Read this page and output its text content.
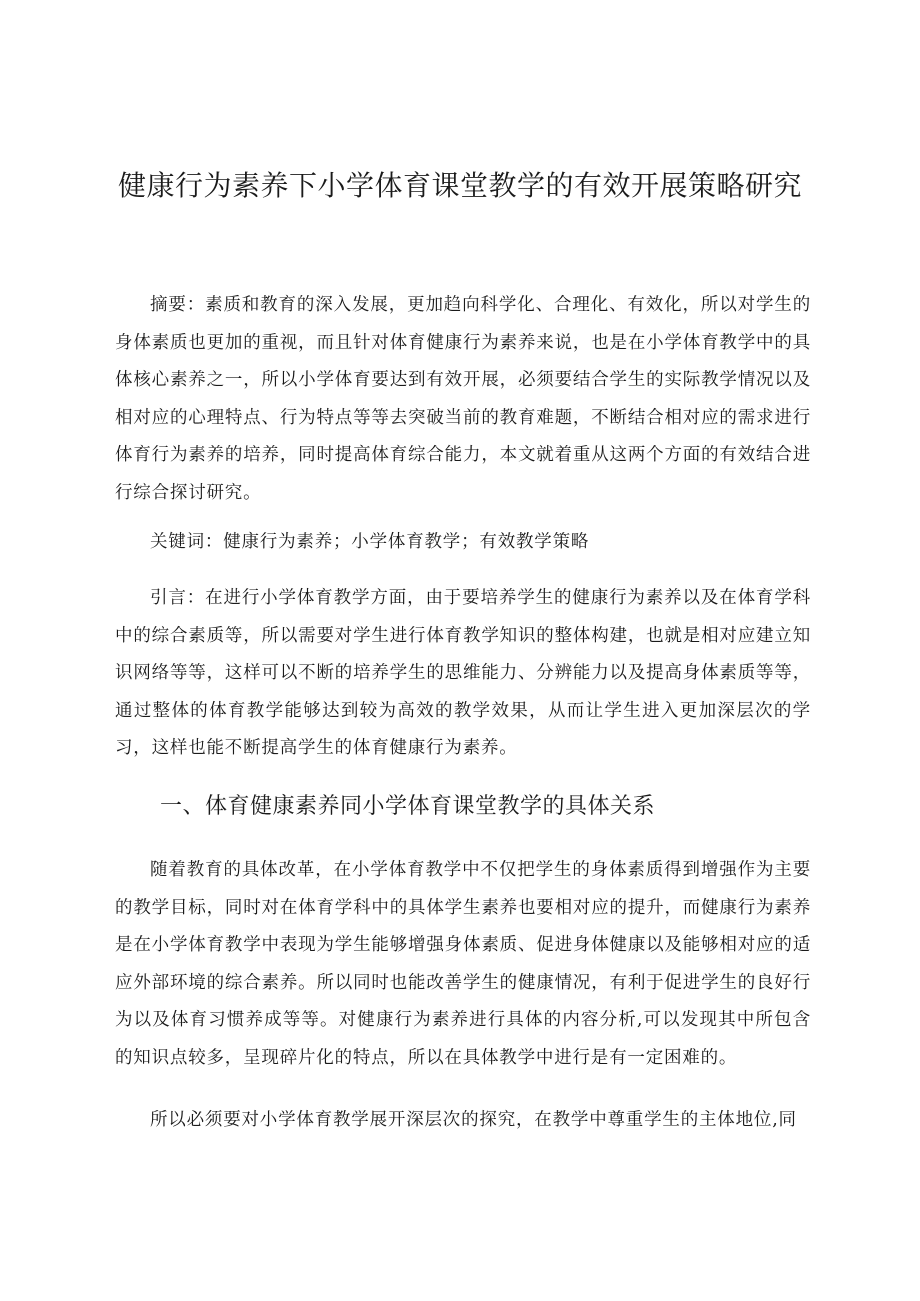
健康行为素养下小学体育课堂教学的有效开展策略研究

摘要：素质和教育的深入发展，更加趋向科学化、合理化、有效化，所以对学生的身体素质也更加的重视，而且针对体育健康行为素养来说，也是在小学体育教学中的具体核心素养之一，所以小学体育要达到有效开展，必须要结合学生的实际教学情况以及相对应的心理特点、行为特点等等去突破当前的教育难题，不断结合相对应的需求进行体育行为素养的培养，同时提高体育综合能力，本文就着重从这两个方面的有效结合进行综合探讨研究。

关键词：健康行为素养；小学体育教学；有效教学策略

引言：在进行小学体育教学方面，由于要培养学生的健康行为素养以及在体育学科中的综合素质等，所以需要对学生进行体育教学知识的整体构建，也就是相对应建立知识网络等等，这样可以不断的培养学生的思维能力、分辨能力以及提高身体素质等等，通过整体的体育教学能够达到较为高效的教学效果，从而让学生进入更加深层次的学习，这样也能不断提高学生的体育健康行为素养。

一、体育健康素养同小学体育课堂教学的具体关系

随着教育的具体改革，在小学体育教学中不仅把学生的身体素质得到增强作为主要的教学目标，同时对在体育学科中的具体学生素养也要相对应的提升，而健康行为素养是在小学体育教学中表现为学生能够增强身体素质、促进身体健康以及能够相对应的适应外部环境的综合素养。所以同时也能改善学生的健康情况，有利于促进学生的良好行为以及体育习惯养成等等。对健康行为素养进行具体的内容分析,可以发现其中所包含的知识点较多，呈现碎片化的特点，所以在具体教学中进行是有一定困难的。

所以必须要对小学体育教学展开深层次的探究，在教学中尊重学生的主体地位,同
